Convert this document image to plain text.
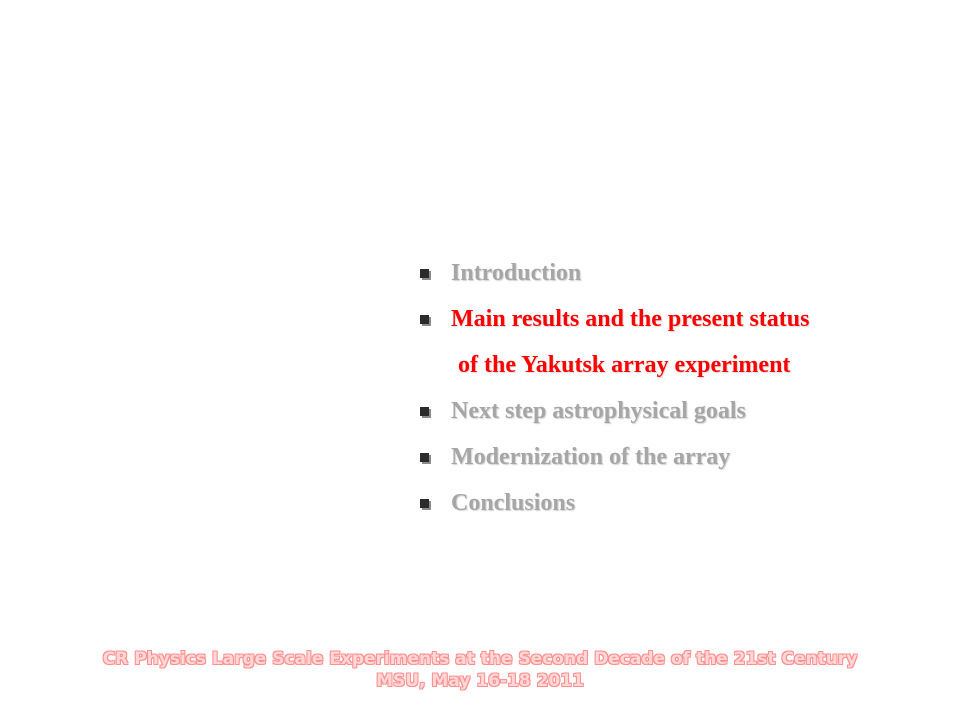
Introduction
Main results and the present status
of the Yakutsk array experiment
Next step astrophysical goals
Modernization of the array
Conclusions
CR Physics Large Scale Experiments at the Second Decade of the 21st Century
MSU, May 16-18 2011
